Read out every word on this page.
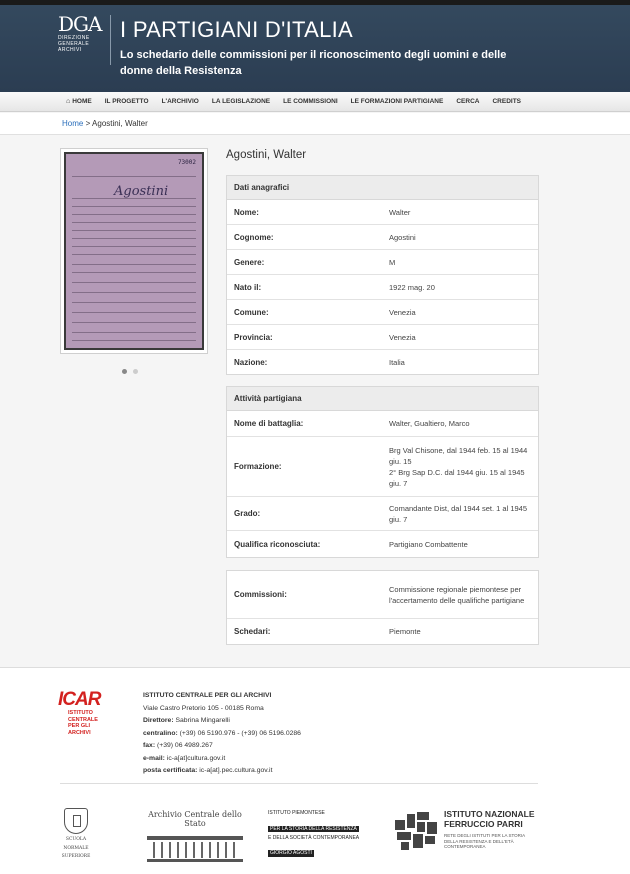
DGA
DIREZIONE
GENERALE
ARCHIVI
I PARTIGIANI D'ITALIA
Lo schedario delle commissioni per il riconoscimento degli uomini e delle donne della Resistenza
⌂ HOME	IL PROGETTO	L'ARCHIVIO	LA LEGISLAZIONE	LE COMMISSIONI	LE FORMAZIONI PARTIGIANE	CERCA	CREDITS
Home > Agostini, Walter
73002
Agostini
Agostini, Walter
Dati anagrafici
Nome:	Walter
Cognome:	Agostini
Genere:	M
Nato il:	1922 mag. 20
Comune:	Venezia
Provincia:	Venezia
Nazione:	Italia
Attività partigiana
Nome di battaglia:	Walter, Gualtiero, Marco
Formazione:
Brg Val Chisone, dal 1944 feb. 15 al 1944 giu. 15
2° Brg Sap D.C. dal 1944 giu. 15 al 1945 giu. 7
Grado:
Comandante Dist, dal 1944 set. 1 al 1945 giu. 7
Qualifica riconosciuta:	Partigiano Combattente
Commissioni:
Commissione regionale piemontese per l'accertamento delle qualifiche partigiane
Schedari:	Piemonte
ICAR
ISTITUTO
CENTRALE
PER GLI
ARCHIVI
ISTITUTO CENTRALE PER GLI ARCHIVI
Viale Castro Pretorio 105 - 00185 Roma
Direttore: Sabrina Mingarelli
centralino: (+39) 06 5190.976 - (+39) 06 5196.0286
fax: (+39) 06 4989.267
e-mail: ic-a[at]cultura.gov.it
posta certificata: ic-a[at].pec.cultura.gov.it
SCUOLA
NORMALE
SUPERIORE
Archivio Centrale dello Stato
ISTITUTO PIEMONTESE
PER LA STORIA DELLA RESISTENZA
E DELLA SOCIETÀ CONTEMPORANEA
GIORGIO AGOSTI
ISTITUTO NAZIONALE
FERRUCCIO PARRI
RETE DEGLI ISTITUTI PER LA STORIA DELLA RESISTENZA E DELL'ETÀ CONTEMPORANEA
